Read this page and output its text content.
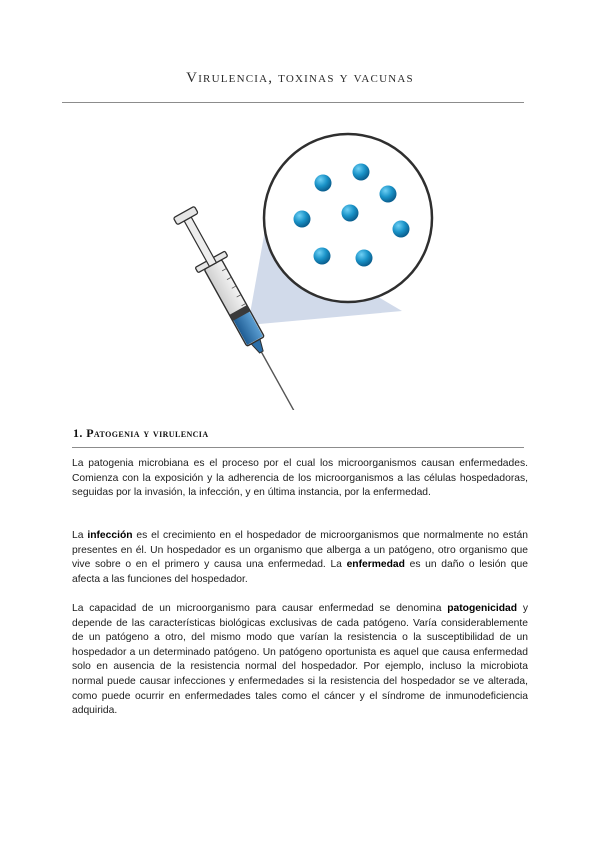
Virulencia, toxinas y vacunas
1. Patogenia y virulencia

La patogenia microbiana es el proceso por el cual los microorganismos causan enfermedades. Comienza con la exposición y la adherencia de los microorganismos a las células hospedadoras, seguidas por la invasión, la infección, y en última instancia, por la enfermedad.

La infección es el crecimiento en el hospedador de microorganismos que normalmente no están presentes en él. Un hospedador es un organismo que alberga a un patógeno, otro organismo que vive sobre o en el primero y causa una enfermedad. La enfermedad es un daño o lesión que afecta a las funciones del hospedador.

La capacidad de un microorganismo para causar enfermedad se denomina patogenicidad y depende de las características biológicas exclusivas de cada patógeno. Varía considerablemente de un patógeno a otro, del mismo modo que varían la resistencia o la susceptibilidad de un hospedador a un determinado patógeno. Un patógeno oportunista es aquel que causa enfermedad solo en ausencia de la resistencia normal del hospedador. Por ejemplo, incluso la microbiota normal puede causar infecciones y enfermedades si la resistencia del hospedador se ve alterada, como puede ocurrir en enfermedades tales como el cáncer y el síndrome de inmunodeficiencia adquirida.
